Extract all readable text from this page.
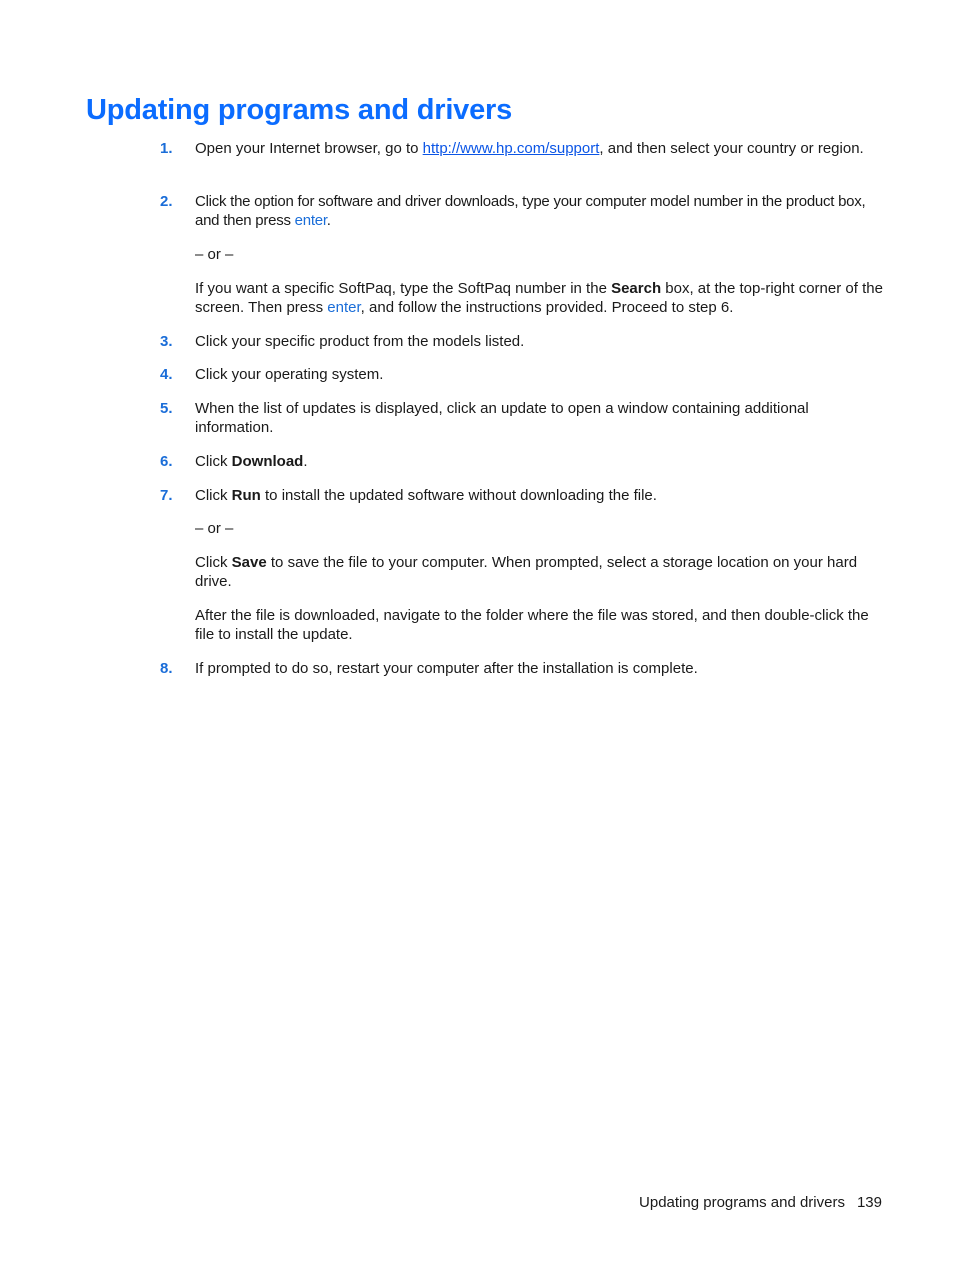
Updating programs and drivers
1. Open your Internet browser, go to http://www.hp.com/support, and then select your country or region.
2. Click the option for software and driver downloads, type your computer model number in the product box, and then press enter.
– or –
If you want a specific SoftPaq, type the SoftPaq number in the Search box, at the top-right corner of the screen. Then press enter, and follow the instructions provided. Proceed to step 6.
3. Click your specific product from the models listed.
4. Click your operating system.
5. When the list of updates is displayed, click an update to open a window containing additional information.
6. Click Download.
7. Click Run to install the updated software without downloading the file.
– or –
Click Save to save the file to your computer. When prompted, select a storage location on your hard drive.
After the file is downloaded, navigate to the folder where the file was stored, and then double-click the file to install the update.
8. If prompted to do so, restart your computer after the installation is complete.
Updating programs and drivers 139
